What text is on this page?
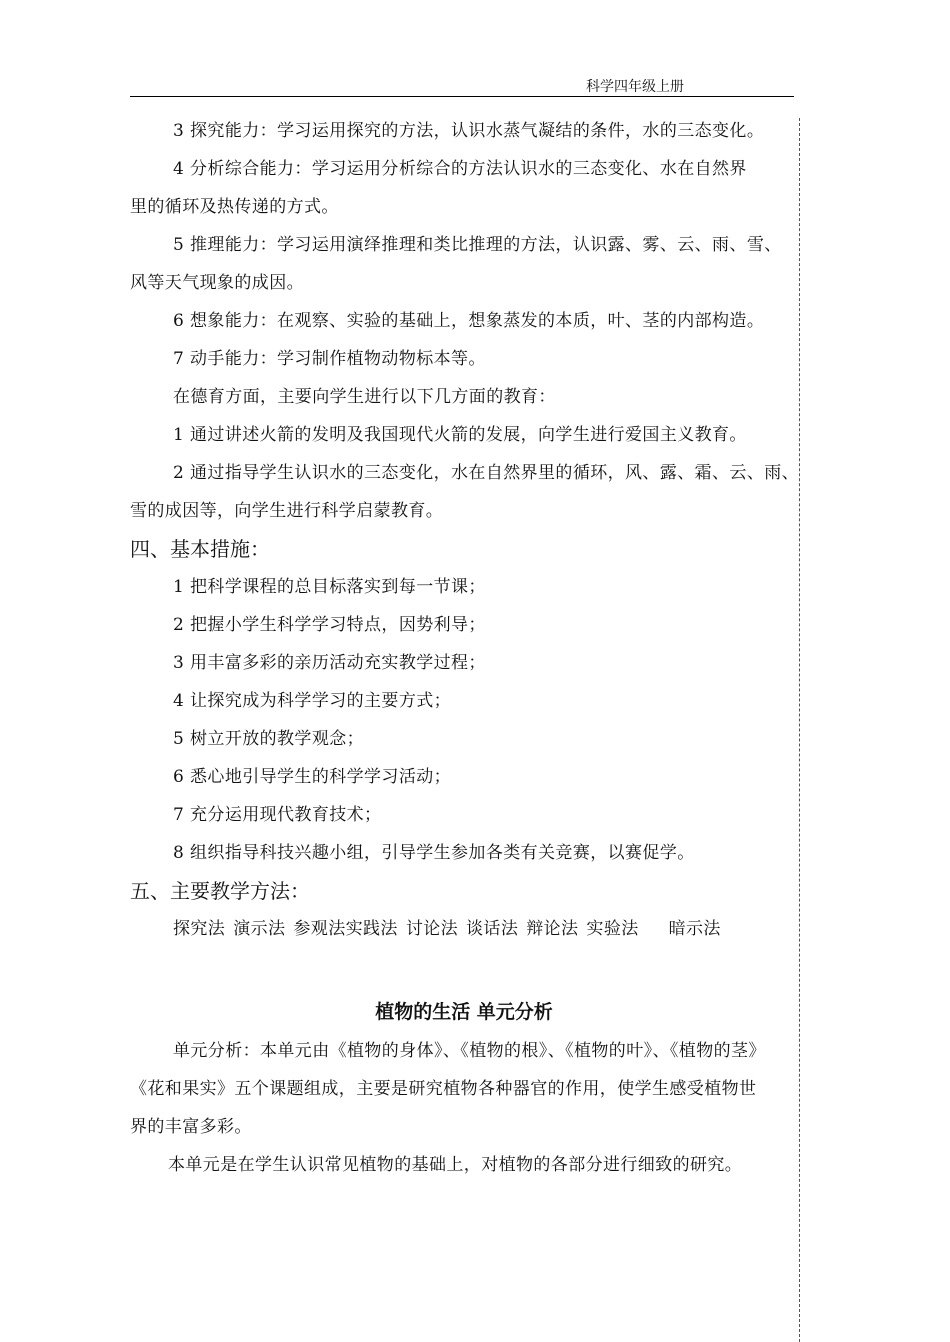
科学四年级上册
3 探究能力：学习运用探究的方法，认识水蒸气凝结的条件，水的三态变化。
4 分析综合能力：学习运用分析综合的方法认识水的三态变化、水在自然界
里的循环及热传递的方式。
5 推理能力：学习运用演绎推理和类比推理的方法，认识露、雾、云、雨、雪、
风等天气现象的成因。
6 想象能力：在观察、实验的基础上，想象蒸发的本质，叶、茎的内部构造。
7 动手能力：学习制作植物动物标本等。
在德育方面，主要向学生进行以下几方面的教育：
1 通过讲述火箭的发明及我国现代火箭的发展，向学生进行爱国主义教育。
2 通过指导学生认识水的三态变化，水在自然界里的循环，风、露、霜、云、雨、
雪的成因等，向学生进行科学启蒙教育。
四、基本措施：
1 把科学课程的总目标落实到每一节课；
2 把握小学生科学学习特点，因势利导；
3 用丰富多彩的亲历活动充实教学过程；
4 让探究成为科学学习的主要方式；
5 树立开放的教学观念；
6 悉心地引导学生的科学学习活动；
7 充分运用现代教育技术；
8 组织指导科技兴趣小组，引导学生参加各类有关竞赛，以赛促学。
五、主要教学方法：
探究法 演示法 参观法实践法 讨论法 谈话法 辩论法 实验法 暗示法
植物的生活 单元分析
单元分析：本单元由《植物的身体》、《植物的根》、《植物的叶》、《植物的茎》
《花和果实》五个课题组成，主要是研究植物各种器官的作用，使学生感受植物世
界的丰富多彩。
本单元是在学生认识常见植物的基础上，对植物的各部分进行细致的研究。
